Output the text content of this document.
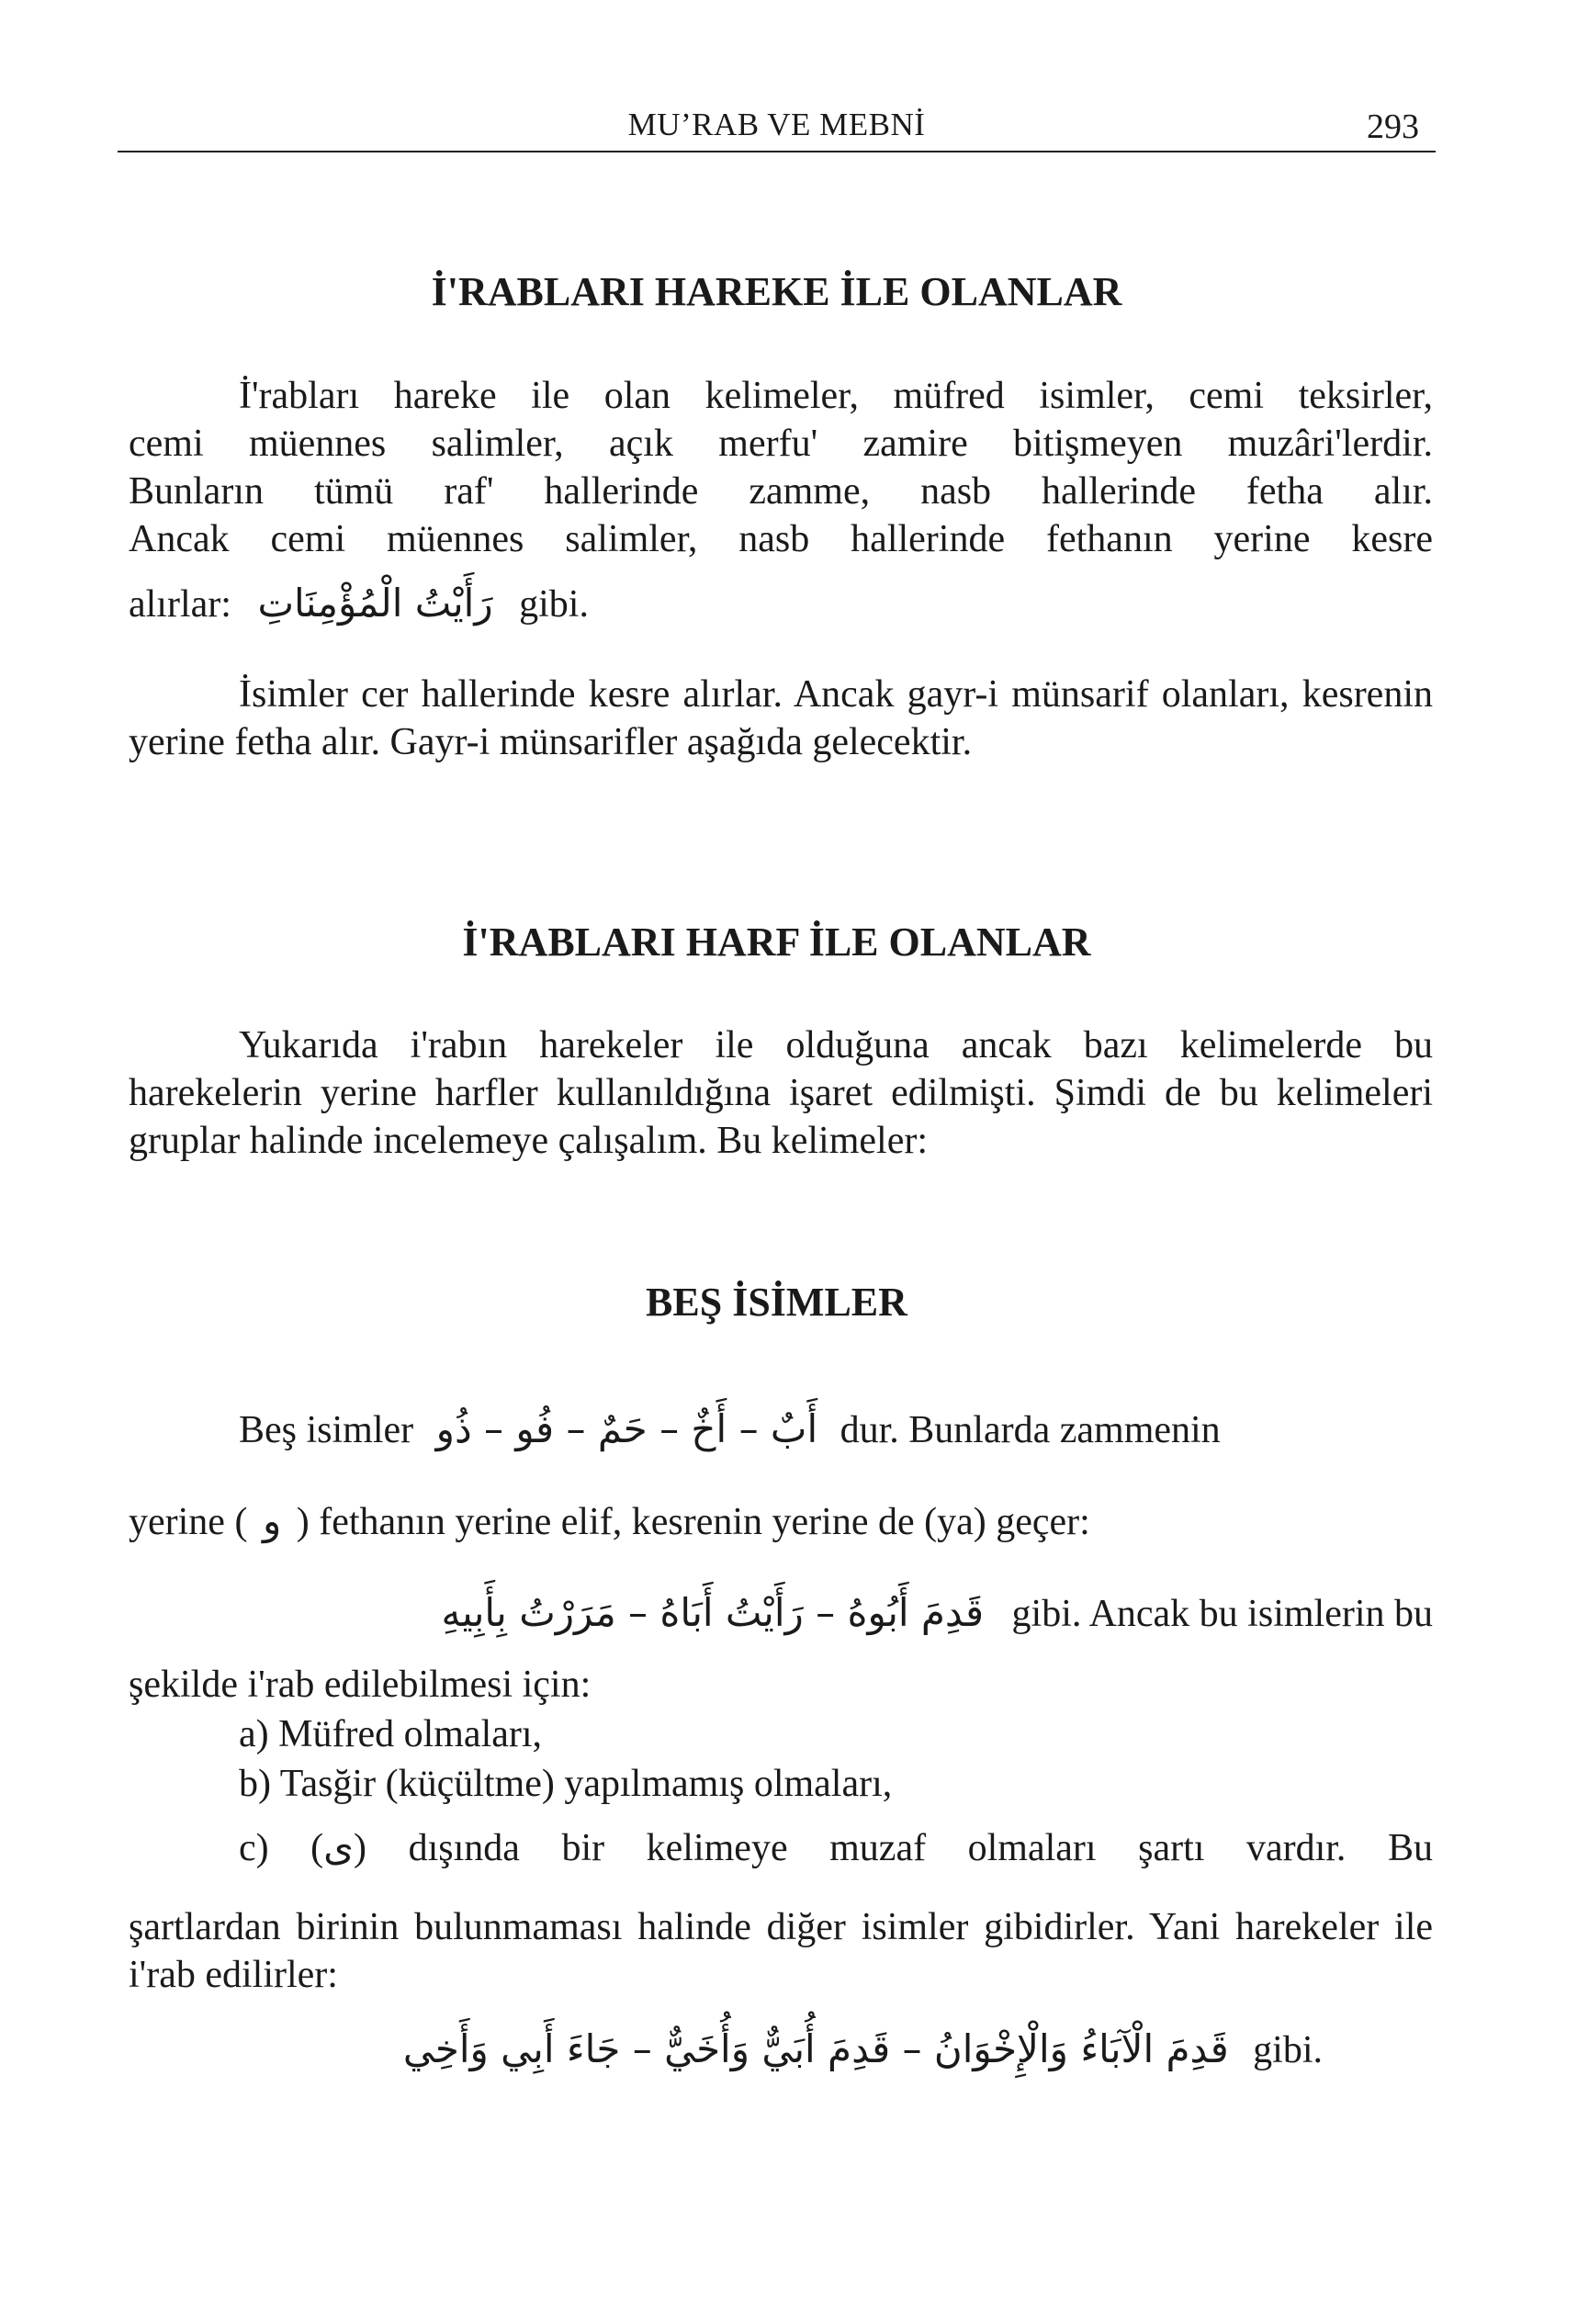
MU’RAB VE MEBNİ	293
İ'RABLARI HAREKE İLE OLANLAR
İ'rabları hareke ile olan kelimeler, müfred isimler, cemi teksirler,
cemi müennes salimler, açık merfu' zamire bitişmeyen muzâri'lerdir.
Bunların tümü raf' hallerinde zamme, nasb hallerinde fetha alır.
Ancak cemi müennes salimler, nasb hallerinde fethanın yerine kesre
alırlar: رَأَيْتُ الْمُؤْمِنَاتِ gibi.

İsimler cer hallerinde kesre alırlar. Ancak gayr-i münsarif olanları, kesrenin yerine fetha alır. Gayr-i münsarifler aşağıda gelecektir.

İ'RABLARI HARF İLE OLANLAR

Yukarıda i'rabın harekeler ile olduğuna ancak bazı kelimelerde bu harekelerin yerine harfler kullanıldığına işaret edilmişti. Şimdi de bu kelimeleri gruplar halinde incelemeye çalışalım. Bu kelimeler:

BEŞ İSİMLER
Beş isimler أَبٌ – أَخٌ – حَمٌ – فُو – ذُو dur. Bunlarda zammenin
yerine ( و ) fethanın yerine elif, kesrenin yerine de (ya) geçer:
قَدِمَ أَبُوهُ – رَأَيْتُ أَبَاهُ – مَرَرْتُ بِأَبِيهِ gibi. Ancak bu isimlerin bu
şekilde i'rab edilebilmesi için:
a) Müfred olmaları,
b) Tasğir (küçültme) yapılmamış olmaları,
c) (ى) dışında bir kelimeye muzaf olmaları şartı vardır. Bu

şartlardan birinin bulunmaması halinde diğer isimler gibidirler. Yani harekeler ile i'rab edilirler:

قَدِمَ الْآبَاءُ وَالْإِخْوَانُ – قَدِمَ أُبَيٌّ وَأُخَيٌّ – جَاءَ أَبِي وَأَخِي gibi.
